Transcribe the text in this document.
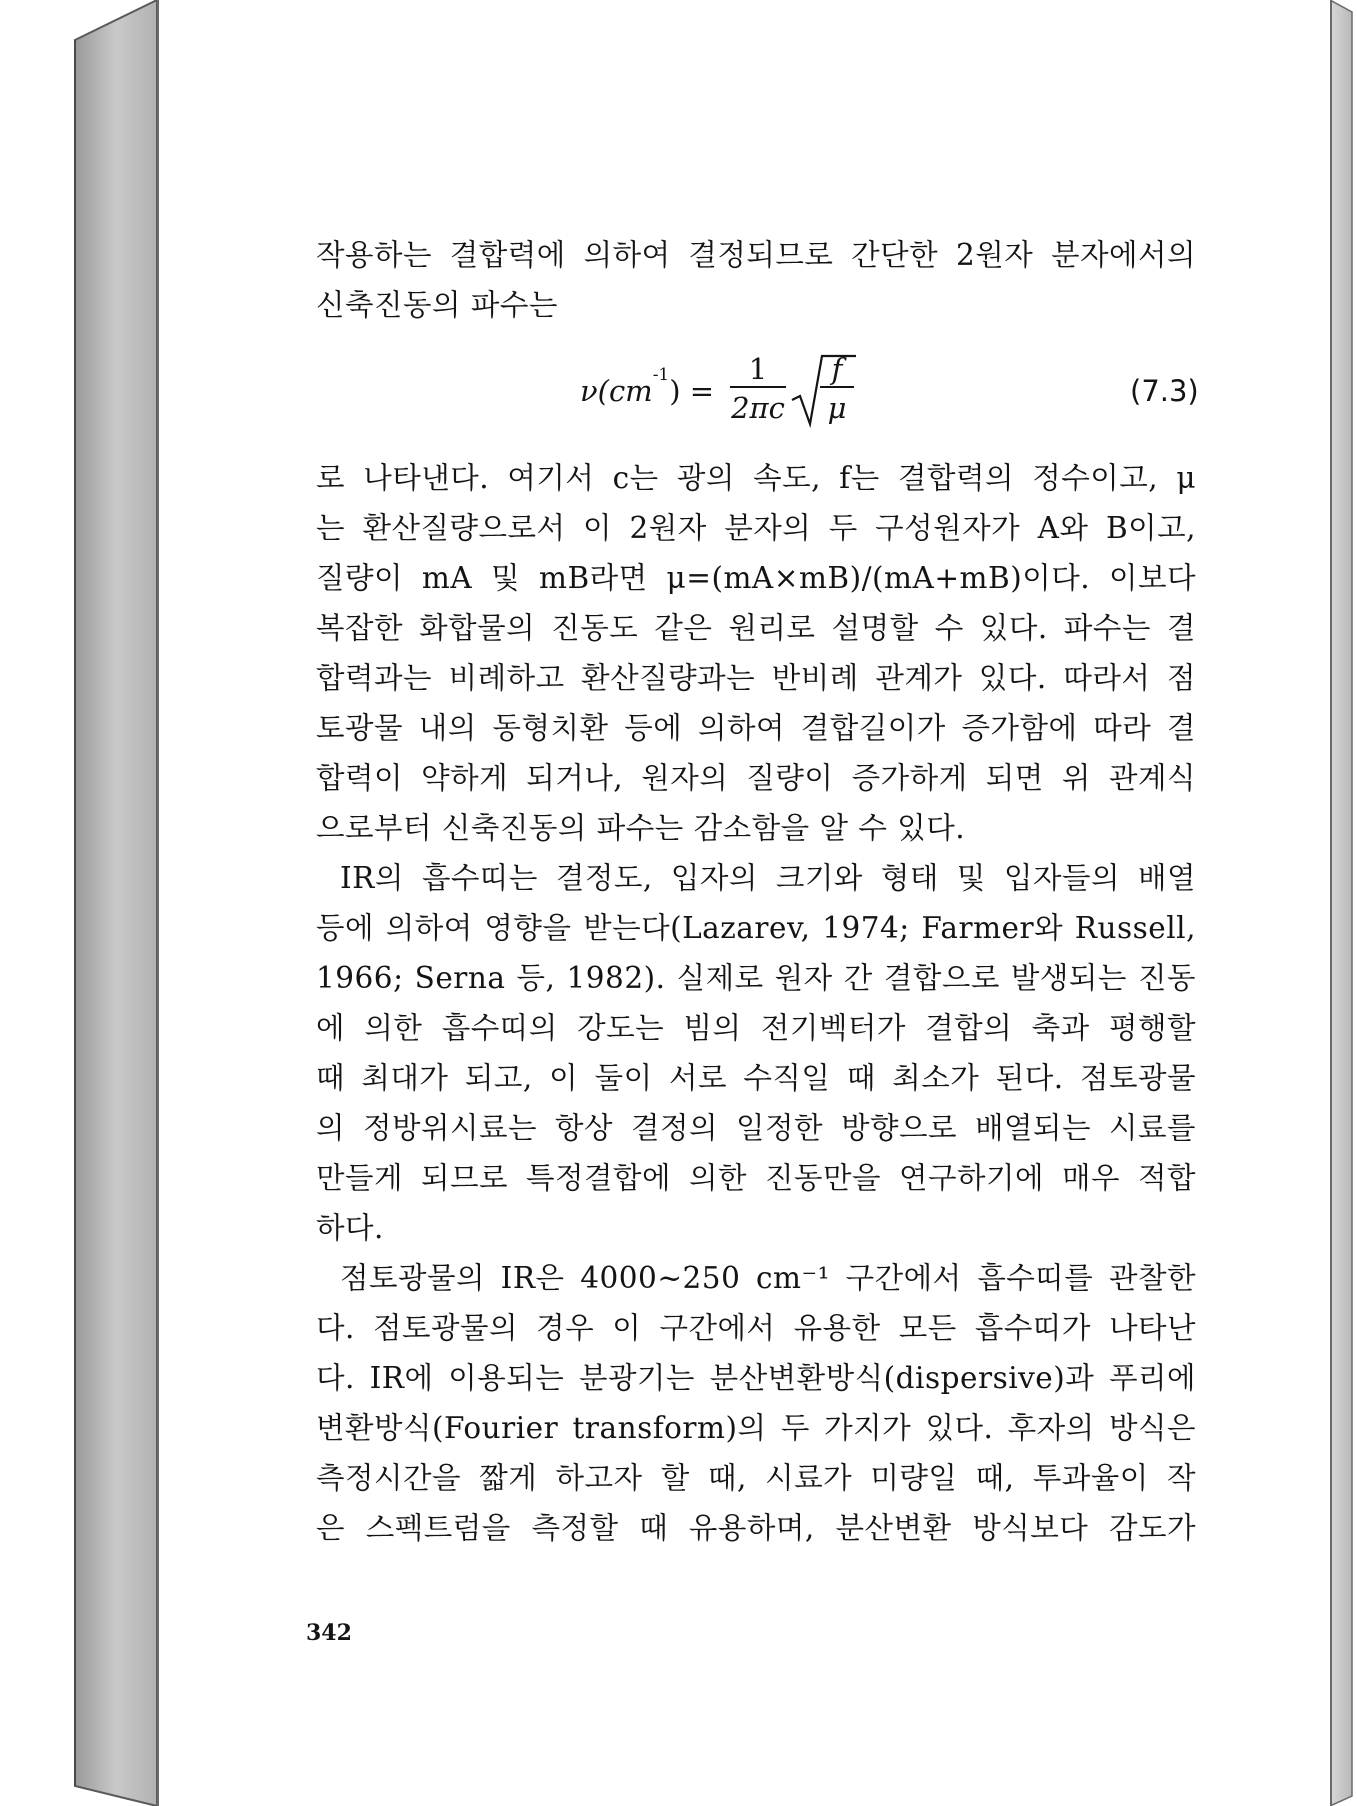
작용하는 결합력에 의하여 결정되므로 간단한 2원자 분자에서의
신축진동의 파수는
$\nu(cm^{-1})$ =
1
2πc
f
μ	(7.3)
로 나타낸다. 여기서 c는 광의 속도, f는 결합력의 정수이고, μ
는 환산질량으로서 이 2원자 분자의 두 구성원자가 A와 B이고,
질량이 mA 및 mB라면 μ=(mA×mB)/(mA+mB)이다. 이보다
복잡한 화합물의 진동도 같은 원리로 설명할 수 있다. 파수는 결
합력과는 비례하고 환산질량과는 반비례 관계가 있다. 따라서 점
토광물 내의 동형치환 등에 의하여 결합길이가 증가함에 따라 결
합력이 약하게 되거나, 원자의 질량이 증가하게 되면 위 관계식
으로부터 신축진동의 파수는 감소함을 알 수 있다.
IR의 흡수띠는 결정도, 입자의 크기와 형태 및 입자들의 배열
등에 의하여 영향을 받는다(Lazarev, 1974; Farmer와 Russell,
1966; Serna 등, 1982). 실제로 원자 간 결합으로 발생되는 진동
에 의한 흡수띠의 강도는 빔의 전기벡터가 결합의 축과 평행할
때 최대가 되고, 이 둘이 서로 수직일 때 최소가 된다. 점토광물
의 정방위시료는 항상 결정의 일정한 방향으로 배열되는 시료를
만들게 되므로 특정결합에 의한 진동만을 연구하기에 매우 적합
하다.
점토광물의 IR은 4000~250 cm⁻¹ 구간에서 흡수띠를 관찰한
다. 점토광물의 경우 이 구간에서 유용한 모든 흡수띠가 나타난
다. IR에 이용되는 분광기는 분산변환방식(dispersive)과 푸리에
변환방식(Fourier transform)의 두 가지가 있다. 후자의 방식은
측정시간을 짧게 하고자 할 때, 시료가 미량일 때, 투과율이 작
은 스펙트럼을 측정할 때 유용하며, 분산변환 방식보다 감도가
342
